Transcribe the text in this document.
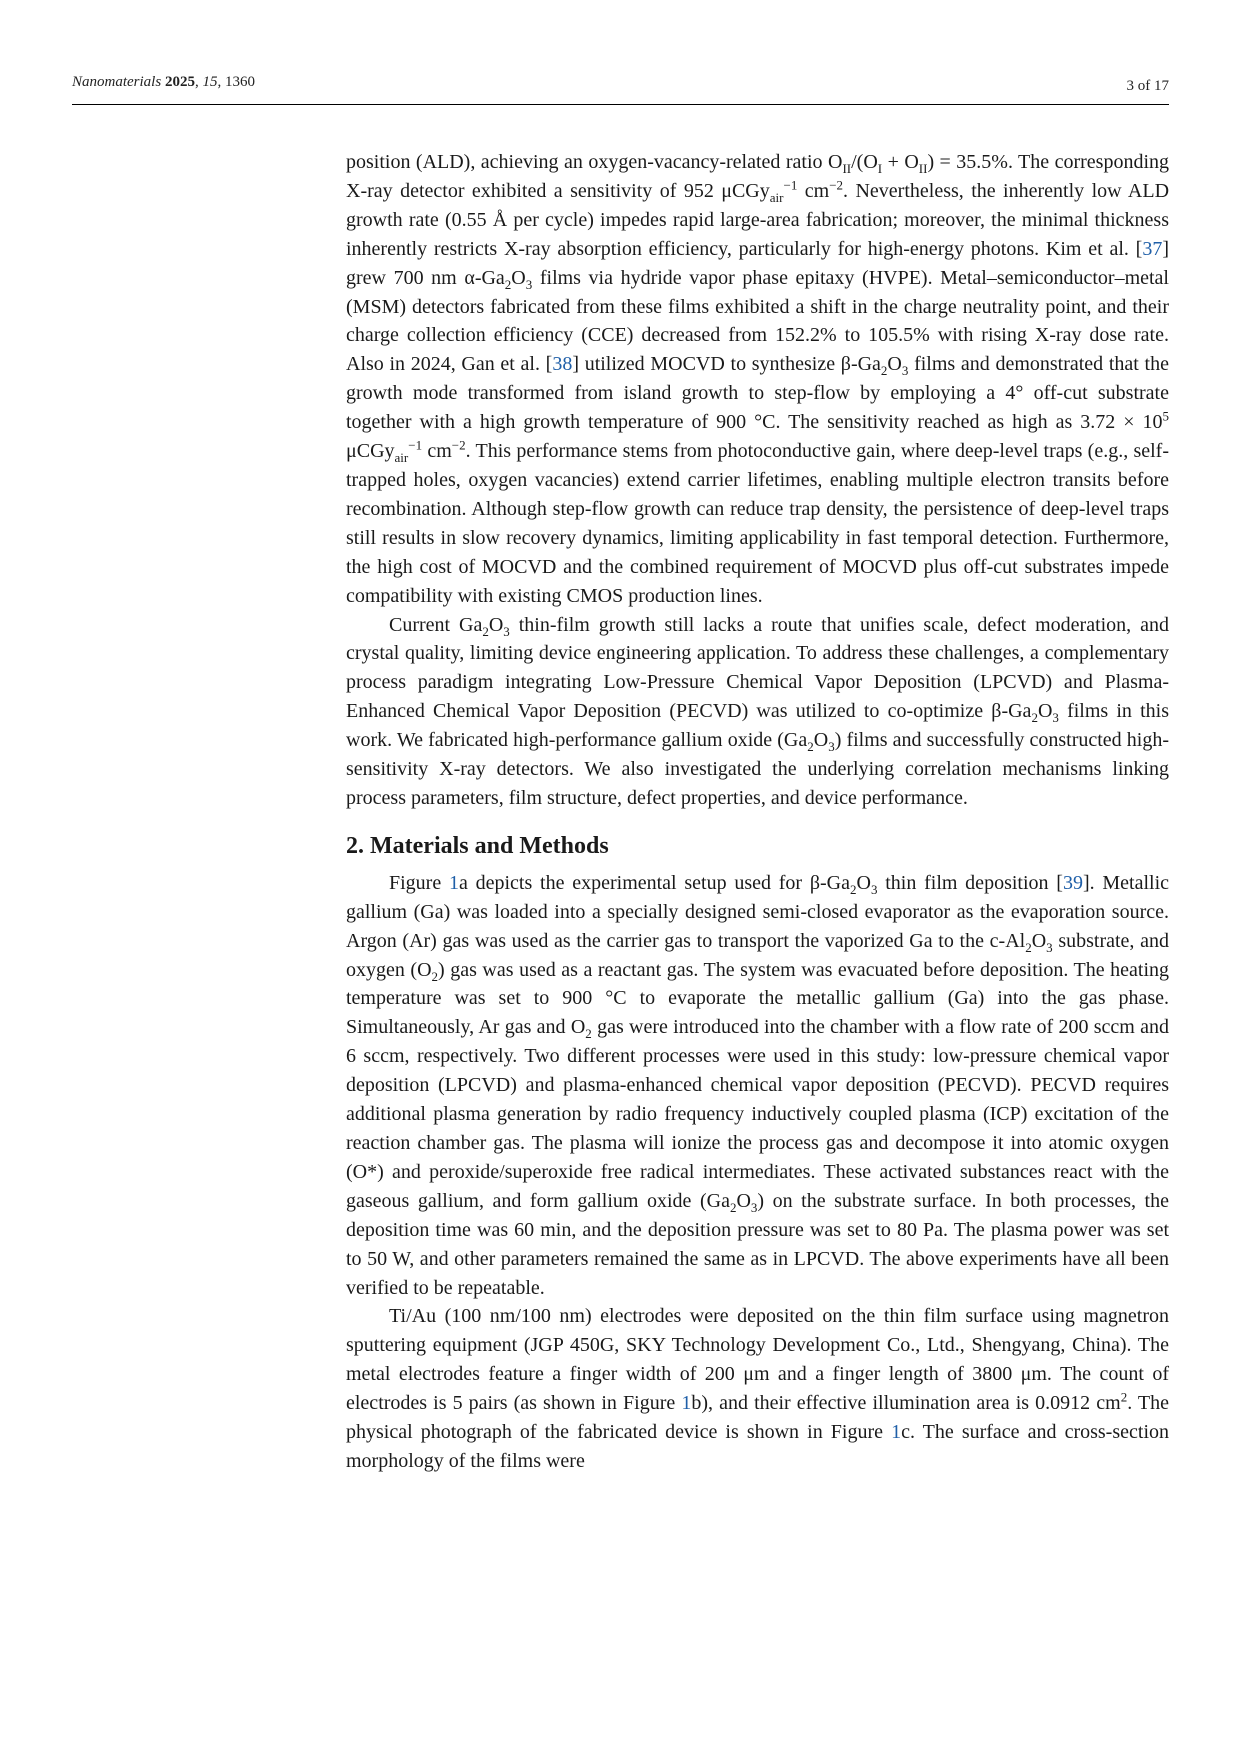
Nanomaterials 2025, 15, 1360	3 of 17

position (ALD), achieving an oxygen-vacancy-related ratio $O_{II}/(O_I + O_{II}) = 35.5\%$. The corresponding X-ray detector exhibited a sensitivity of 952 μCGy$_{air}^{-1}$ $cm^{-2}$. Nevertheless, the inherently low ALD growth rate (0.55 Å per cycle) impedes rapid large-area fabrication; moreover, the minimal thickness inherently restricts X-ray absorption efficiency, particularly for high-energy photons. Kim et al. [37] grew 700 nm $\alpha-Ga_2O_3$ films via hydride vapor phase epitaxy (HVPE). Metal–semiconductor–metal (MSM) detectors fabricated from these films exhibited a shift in the charge neutrality point, and their charge collection efficiency (CCE) decreased from 152.2% to 105.5% with rising X-ray dose rate. Also in 2024, Gan et al. [38] utilized MOCVD to synthesize $\beta-Ga_2O_3$ films and demonstrated that the growth mode transformed from island growth to step-flow by employing a 4° off-cut substrate together with a high growth temperature of 900 °C. The sensitivity reached as high as $3.72 \times 10^5$ μCGy$_{air}^{-1}$ $cm^{-2}$. This performance stems from photoconductive gain, where deep-level traps (e.g., self-trapped holes, oxygen vacancies) extend carrier lifetimes, enabling multiple electron transits before recombination. Although step-flow growth can reduce trap density, the persistence of deep-level traps still results in slow recovery dynamics, limiting applicability in fast temporal detection. Furthermore, the high cost of MOCVD and the combined requirement of MOCVD plus off-cut substrates impede compatibility with existing CMOS production lines.

Current $Ga_2O_3$ thin-film growth still lacks a route that unifies scale, defect moderation, and crystal quality, limiting device engineering application. To address these challenges, a complementary process paradigm integrating Low-Pressure Chemical Vapor Deposition (LPCVD) and Plasma-Enhanced Chemical Vapor Deposition (PECVD) was utilized to co-optimize $\beta-Ga_2O_3$ films in this work. We fabricated high-performance gallium oxide $(Ga_2O_3)$ films and successfully constructed high-sensitivity X-ray detectors. We also investigated the underlying correlation mechanisms linking process parameters, film structure, defect properties, and device performance.

2. Materials and Methods

Figure 1a depicts the experimental setup used for $\beta-Ga_2O_3$ thin film deposition [39]. Metallic gallium (Ga) was loaded into a specially designed semi-closed evaporator as the evaporation source. Argon (Ar) gas was used as the carrier gas to transport the vaporized Ga to the $c-Al_2O_3$ substrate, and oxygen $(O_2)$ gas was used as a reactant gas. The system was evacuated before deposition. The heating temperature was set to 900 °C to evaporate the metallic gallium (Ga) into the gas phase. Simultaneously, Ar gas and $O_2$ gas were introduced into the chamber with a flow rate of 200 sccm and 6 sccm, respectively. Two different processes were used in this study: low-pressure chemical vapor deposition (LPCVD) and plasma-enhanced chemical vapor deposition (PECVD). PECVD requires additional plasma generation by radio frequency inductively coupled plasma (ICP) excitation of the reaction chamber gas. The plasma will ionize the process gas and decompose it into atomic oxygen (O*) and peroxide/superoxide free radical intermediates. These activated substances react with the gaseous gallium, and form gallium oxide $(Ga_2O_3)$ on the substrate surface. In both processes, the deposition time was 60 min, and the deposition pressure was set to 80 Pa. The plasma power was set to 50 W, and other parameters remained the same as in LPCVD. The above experiments have all been verified to be repeatable.

Ti/Au (100 nm/100 nm) electrodes were deposited on the thin film surface using magnetron sputtering equipment (JGP 450G, SKY Technology Development Co., Ltd., Shengyang, China). The metal electrodes feature a finger width of 200 μm and a finger length of 3800 μm. The count of electrodes is 5 pairs (as shown in Figure 1b), and their effective illumination area is 0.0912 $cm^2$. The physical photograph of the fabricated device is shown in Figure 1c. The surface and cross-section morphology of the films were
